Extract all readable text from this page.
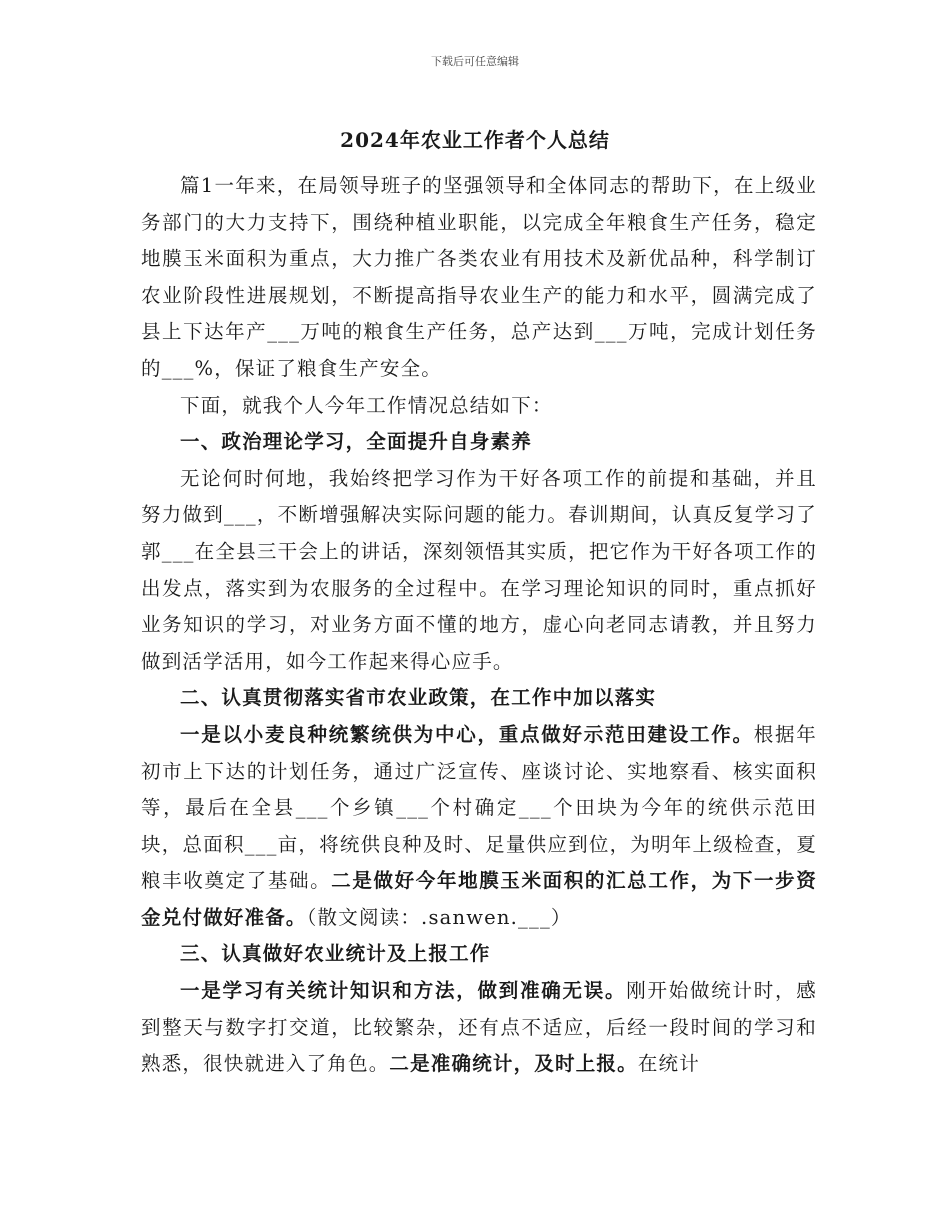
下载后可任意编辑
2024年农业工作者个人总结

篇1一年来，在局领导班子的坚强领导和全体同志的帮助下，在上级业务部门的大力支持下，围绕种植业职能，以完成全年粮食生产任务，稳定地膜玉米面积为重点，大力推广各类农业有用技术及新优品种，科学制订农业阶段性进展规划，不断提高指导农业生产的能力和水平，圆满完成了县上下达年产___万吨的粮食生产任务，总产达到___万吨，完成计划任务的___%，保证了粮食生产安全。

下面，就我个人今年工作情况总结如下：

一、政治理论学习，全面提升自身素养

无论何时何地，我始终把学习作为干好各项工作的前提和基础，并且努力做到___，不断增强解决实际问题的能力。春训期间，认真反复学习了郭___在全县三干会上的讲话，深刻领悟其实质，把它作为干好各项工作的出发点，落实到为农服务的全过程中。在学习理论知识的同时，重点抓好业务知识的学习，对业务方面不懂的地方，虚心向老同志请教，并且努力做到活学活用，如今工作起来得心应手。

二、认真贯彻落实省市农业政策，在工作中加以落实

一是以小麦良种统繁统供为中心，重点做好示范田建设工作。根据年初市上下达的计划任务，通过广泛宣传、座谈讨论、实地察看、核实面积等，最后在全县___个乡镇___个村确定___个田块为今年的统供示范田块，总面积___亩，将统供良种及时、足量供应到位，为明年上级检查，夏粮丰收奠定了基础。二是做好今年地膜玉米面积的汇总工作，为下一步资金兑付做好准备。（散文阅读：.sanwen.___）

三、认真做好农业统计及上报工作

一是学习有关统计知识和方法，做到准确无误。刚开始做统计时，感到整天与数字打交道，比较繁杂，还有点不适应，后经一段时间的学习和熟悉，很快就进入了角色。二是准确统计，及时上报。在统计
